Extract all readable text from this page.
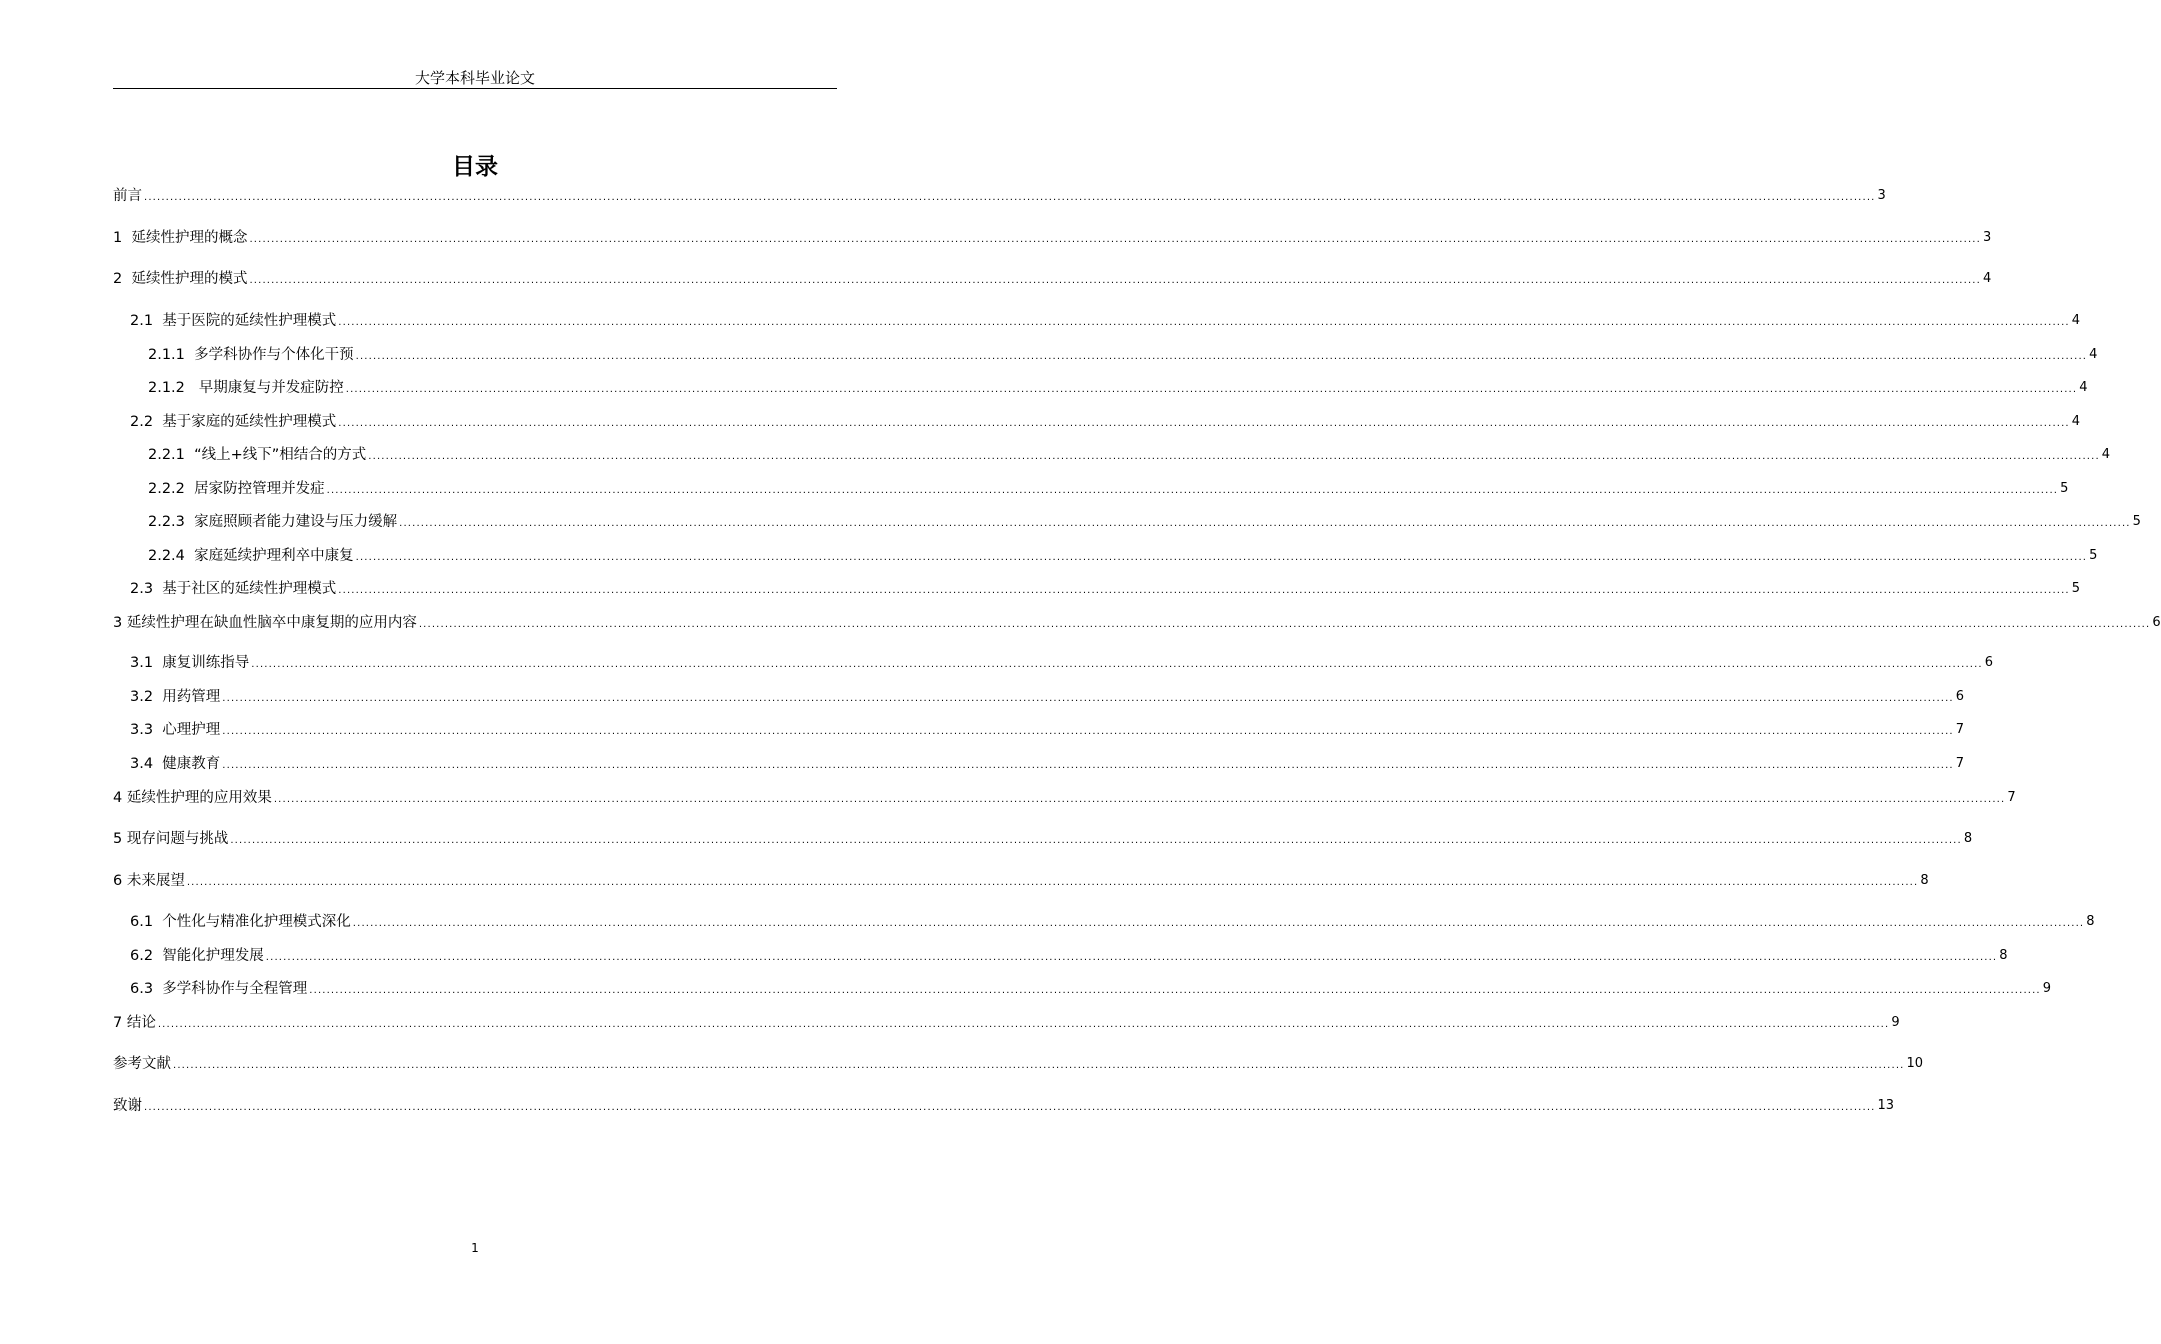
大学本科毕业论文
目录
前言 ................................................................................................................................................................................................................................................................................................................................................................................................................ 3
1  延续性护理的概念 ................................................................................................................................................................................................................................................................................................................................................................................................................ 3
2  延续性护理的模式 ................................................................................................................................................................................................................................................................................................................................................................................................................ 4
2.1  基于医院的延续性护理模式 ................................................................................................................................................................................................................................................................................................................................................................................................................ 4
2.1.1  多学科协作与个体化干预 ................................................................................................................................................................................................................................................................................................................................................................................................................ 4
2.1.2   早期康复与并发症防控 ................................................................................................................................................................................................................................................................................................................................................................................................................ 4
2.2  基于家庭的延续性护理模式 ................................................................................................................................................................................................................................................................................................................................................................................................................ 4
2.2.1  “线上+线下”相结合的方式 ................................................................................................................................................................................................................................................................................................................................................................................................................ 4
2.2.2  居家防控管理并发症 ................................................................................................................................................................................................................................................................................................................................................................................................................ 5
2.2.3  家庭照顾者能力建设与压力缓解 ................................................................................................................................................................................................................................................................................................................................................................................................................ 5
2.2.4  家庭延续护理利卒中康复 ................................................................................................................................................................................................................................................................................................................................................................................................................ 5
2.3  基于社区的延续性护理模式 ................................................................................................................................................................................................................................................................................................................................................................................................................ 5
3 延续性护理在缺血性脑卒中康复期的应用内容 ................................................................................................................................................................................................................................................................................................................................................................................................................ 6
3.1  康复训练指导 ................................................................................................................................................................................................................................................................................................................................................................................................................ 6
3.2  用药管理 ................................................................................................................................................................................................................................................................................................................................................................................................................ 6
3.3  心理护理 ................................................................................................................................................................................................................................................................................................................................................................................................................ 7
3.4  健康教育 ................................................................................................................................................................................................................................................................................................................................................................................................................ 7
4 延续性护理的应用效果 ................................................................................................................................................................................................................................................................................................................................................................................................................ 7
5 现存问题与挑战 ................................................................................................................................................................................................................................................................................................................................................................................................................ 8
6 未来展望 ................................................................................................................................................................................................................................................................................................................................................................................................................ 8
6.1  个性化与精准化护理模式深化 ................................................................................................................................................................................................................................................................................................................................................................................................................ 8
6.2  智能化护理发展 ................................................................................................................................................................................................................................................................................................................................................................................................................ 8
6.3  多学科协作与全程管理 ................................................................................................................................................................................................................................................................................................................................................................................................................ 9
7 结论 ................................................................................................................................................................................................................................................................................................................................................................................................................ 9
参考文献 ................................................................................................................................................................................................................................................................................................................................................................................................................ 10
致谢 ................................................................................................................................................................................................................................................................................................................................................................................................................ 13
1
